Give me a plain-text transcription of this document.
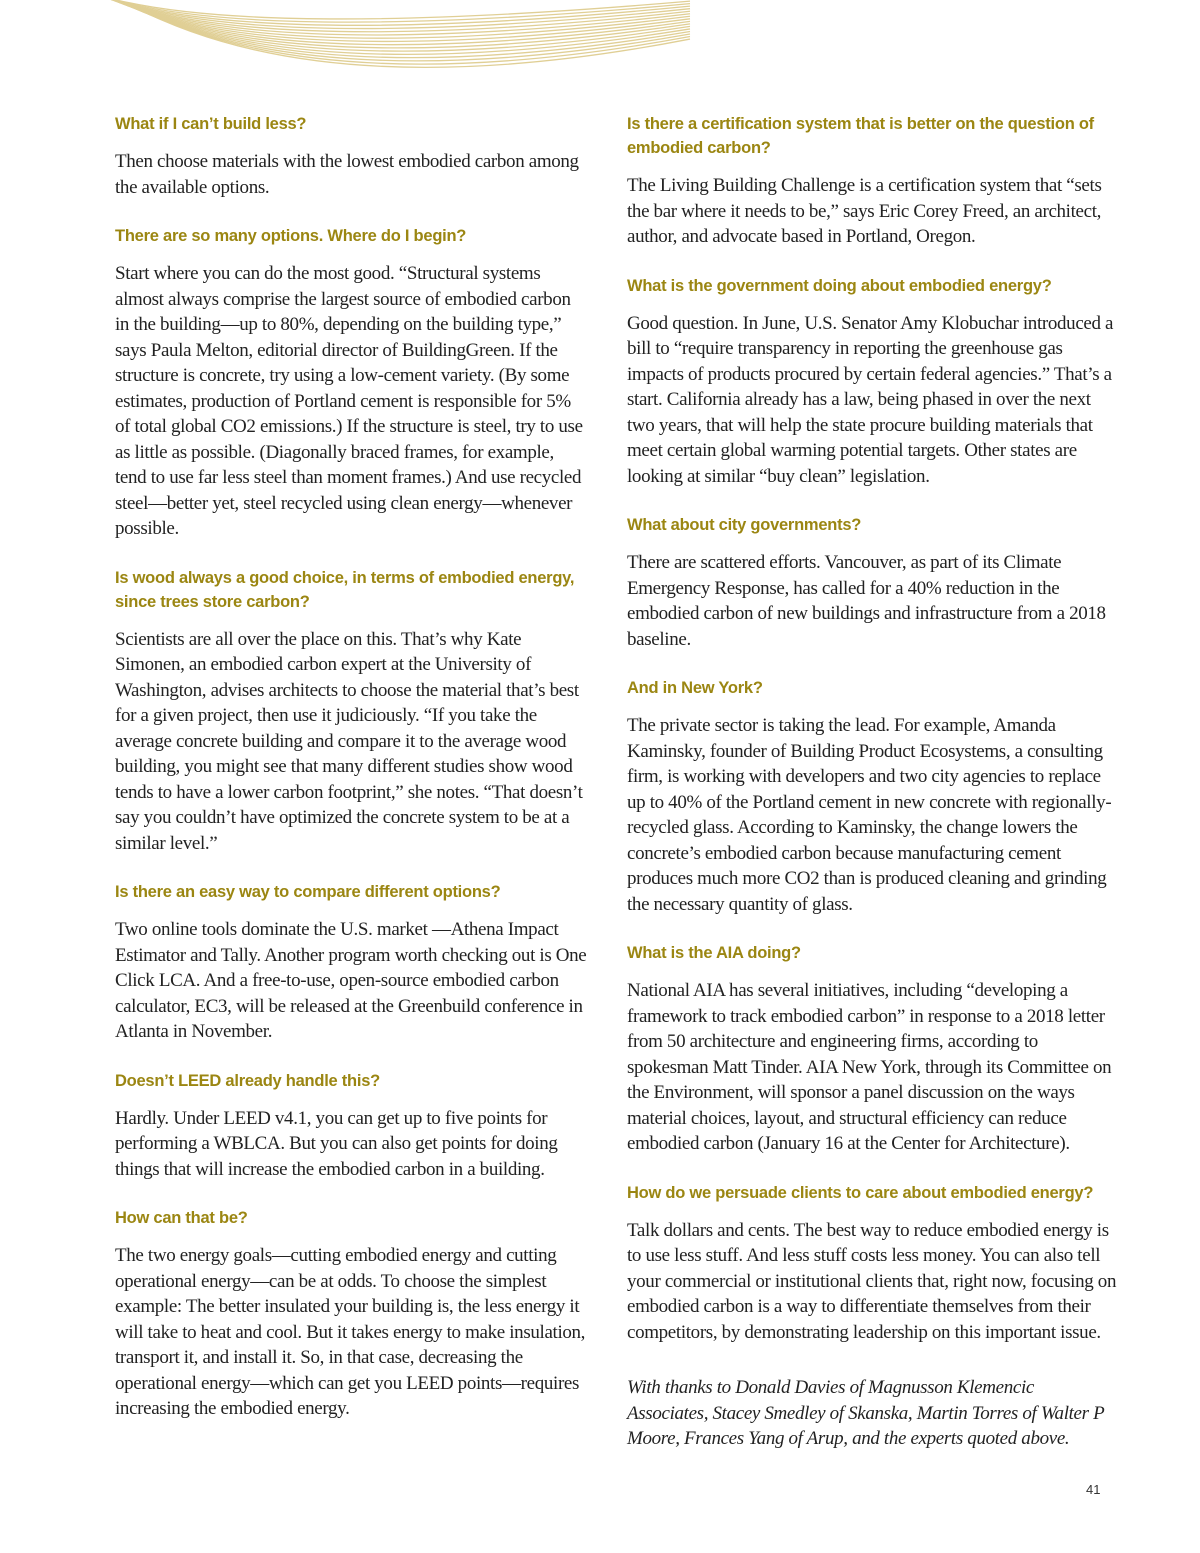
What if I can’t build less?

Then choose materials with the lowest embodied carbon among the available options.

There are so many options. Where do I begin?

Start where you can do the most good. “Structural systems almost always comprise the largest source of embodied carbon in the building—up to 80%, depending on the building type,” says Paula Melton, editorial director of BuildingGreen. If the structure is concrete, try using a low-cement variety. (By some estimates, production of Portland cement is responsible for 5% of total global CO2 emissions.) If the structure is steel, try to use as little as possible. (Diagonally braced frames, for example, tend to use far less steel than moment frames.) And use recycled steel—better yet, steel recycled using clean energy—whenever possible.

Is wood always a good choice, in terms of embodied energy, since trees store carbon?

Scientists are all over the place on this. That’s why Kate Simonen, an embodied carbon expert at the University of Washington, advises architects to choose the material that’s best for a given project, then use it judiciously. “If you take the average concrete building and compare it to the average wood building, you might see that many different studies show wood tends to have a lower carbon footprint,” she notes. “That doesn’t say you couldn’t have optimized the concrete system to be at a similar level.”

Is there an easy way to compare different options?

Two online tools dominate the U.S. market —Athena Impact Estimator and Tally. Another program worth checking out is One Click LCA. And a free-to-use, open-source embodied carbon calculator, EC3, will be released at the Greenbuild conference in Atlanta in November.

Doesn’t LEED already handle this?

Hardly. Under LEED v4.1, you can get up to five points for performing a WBLCA. But you can also get points for doing things that will increase the embodied carbon in a building.

How can that be?

The two energy goals—cutting embodied energy and cutting operational energy—can be at odds. To choose the simplest example: The better insulated your building is, the less energy it will take to heat and cool. But it takes energy to make insulation, transport it, and install it. So, in that case, decreasing the operational energy—which can get you LEED points—requires increasing the embodied energy.

Is there a certification system that is better on the question of embodied carbon?

The Living Building Challenge is a certification system that “sets the bar where it needs to be,” says Eric Corey Freed, an architect, author, and advocate based in Portland, Oregon.

What is the government doing about embodied energy?

Good question. In June, U.S. Senator Amy Klobuchar introduced a bill to “require transparency in reporting the greenhouse gas impacts of products procured by certain federal agencies.” That’s a start. California already has a law, being phased in over the next two years, that will help the state procure building materials that meet certain global warming potential targets. Other states are looking at similar “buy clean” legislation.

What about city governments?

There are scattered efforts. Vancouver, as part of its Climate Emergency Response, has called for a 40% reduction in the embodied carbon of new buildings and infrastructure from a 2018 baseline.

And in New York?

The private sector is taking the lead. For example, Amanda Kaminsky, founder of Building Product Ecosystems, a consulting firm, is working with developers and two city agencies to replace up to 40% of the Portland cement in new concrete with regionally-recycled glass. According to Kaminsky, the change lowers the concrete’s embodied carbon because manufacturing cement produces much more CO2 than is produced cleaning and grinding the necessary quantity of glass.

What is the AIA doing?

National AIA has several initiatives, including “developing a framework to track embodied carbon” in response to a 2018 letter from 50 architecture and engineering firms, according to spokesman Matt Tinder. AIA New York, through its Committee on the Environment, will sponsor a panel discussion on the ways material choices, layout, and structural efficiency can reduce embodied carbon (January 16 at the Center for Architecture).

How do we persuade clients to care about embodied energy?

Talk dollars and cents. The best way to reduce embodied energy is to use less stuff. And less stuff costs less money. You can also tell your commercial or institutional clients that, right now, focusing on embodied carbon is a way to differentiate themselves from their competitors, by demonstrating leadership on this important issue.

With thanks to Donald Davies of Magnusson Klemencic Associates, Stacey Smedley of Skanska, Martin Torres of Walter P Moore, Frances Yang of Arup, and the experts quoted above.

41
